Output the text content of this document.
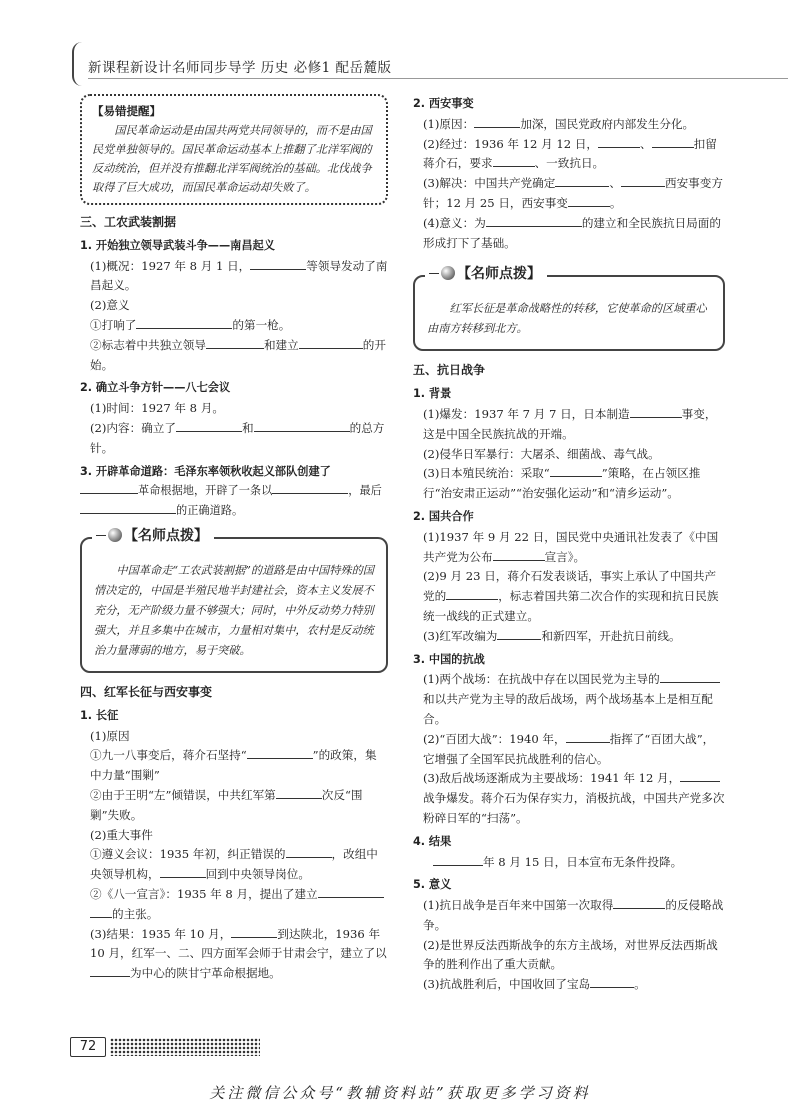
新课程新设计名师同步导学 历史 必修1 配岳麓版
【易错提醒】

国民革命运动是由国共两党共同领导的，而不是由国民党单独领导的。国民革命运动基本上推翻了北洋军阀的反动统治，但并没有推翻北洋军阀统治的基础。北伐战争取得了巨大成功，而国民革命运动却失败了。

三、工农武装割据
1. 开始独立领导武装斗争——南昌起义

(1)概况：1927 年 8 月 1 日，	等领导发动了南昌起义。

(2)意义

①打响了	的第一枪。

②标志着中共独立领导	和建立	的开始。

2. 确立斗争方针——八七会议

(1)时间：1927 年 8 月。

(2)内容：确立了	和	的总方针。

3. 开辟革命道路：毛泽东率领秋收起义部队创建了革命根据地，开辟了一条以	，最后的正确道路。

【名师点拨】

中国革命走“工农武装割据”的道路是由中国特殊的国情决定的，中国是半殖民地半封建社会，资本主义发展不充分，无产阶级力量不够强大；同时，中外反动势力特别强大，并且多集中在城市，力量相对集中，农村是反动统治力量薄弱的地方，易于突破。

四、红军长征与西安事变
1. 长征

(1)原因

①九一八事变后，蒋介石坚持“	”的政策，集中力量“围剿”

②由于王明“左”倾错误，中共红军第	次反“围剿”失败。

(2)重大事件

①遵义会议：1935 年初，纠正错误的	，改组中央领导机构，	回到中央领导岗位。

②《八一宣言》：1935 年 8 月，提出了建立的主张。

(3)结果：1935 年 10 月，	到达陕北，1936 年 10 月，红军一、二、四方面军会师于甘肃会宁，建立了以为中心的陕甘宁革命根据地。

2. 西安事变

(1)原因：	加深，国民党政府内部发生分化。

(2)经过：1936 年 12 月 12 日，	、	扣留蒋介石，要求	、一致抗日。

(3)解决：中国共产党确定	、	西安事变方针；12 月 25 日，西安事变	。

(4)意义：为	的建立和全民族抗日局面的形成打下了基础。

【名师点拨】

红军长征是革命战略性的转移，它使革命的区域重心由南方转移到北方。

五、抗日战争
1. 背景

(1)爆发：1937 年 7 月 7 日，日本制造	事变，这是中国全民族抗战的开端。

(2)侵华日军暴行：大屠杀、细菌战、毒气战。

(3)日本殖民统治：采取“	”策略，在占领区推行“治安肃正运动”“治安强化运动”和“清乡运动”。

2. 国共合作

(1)1937 年 9 月 22 日，国民党中央通讯社发表了《中国共产党为公布	宣言》。

(2)9 月 23 日，蒋介石发表谈话，事实上承认了中国共产党的	，标志着国共第二次合作的实现和抗日民族统一战线的正式建立。

(3)红军改编为	和新四军，开赴抗日前线。

3. 中国的抗战

(1)两个战场：在抗战中存在以国民党为主导的和以共产党为主导的敌后战场，两个战场基本上是相互配合。

(2)“百团大战”：1940 年，	指挥了“百团大战”，它增强了全国军民抗战胜利的信心。

(3)敌后战场逐渐成为主要战场：1941 年 12 月，战争爆发。蒋介石为保存实力，消极抗战，中国共产党多次粉碎日军的“扫荡”。

4. 结果

年 8 月 15 日，日本宣布无条件投降。

5. 意义

(1)抗日战争是百年来中国第一次取得	的反侵略战争。

(2)是世界反法西斯战争的东方主战场，对世界反法西斯战争的胜利作出了重大贡献。

(3)抗战胜利后，中国收回了宝岛	。

72
关注微信公众号“教辅资料站”获取更多学习资料
